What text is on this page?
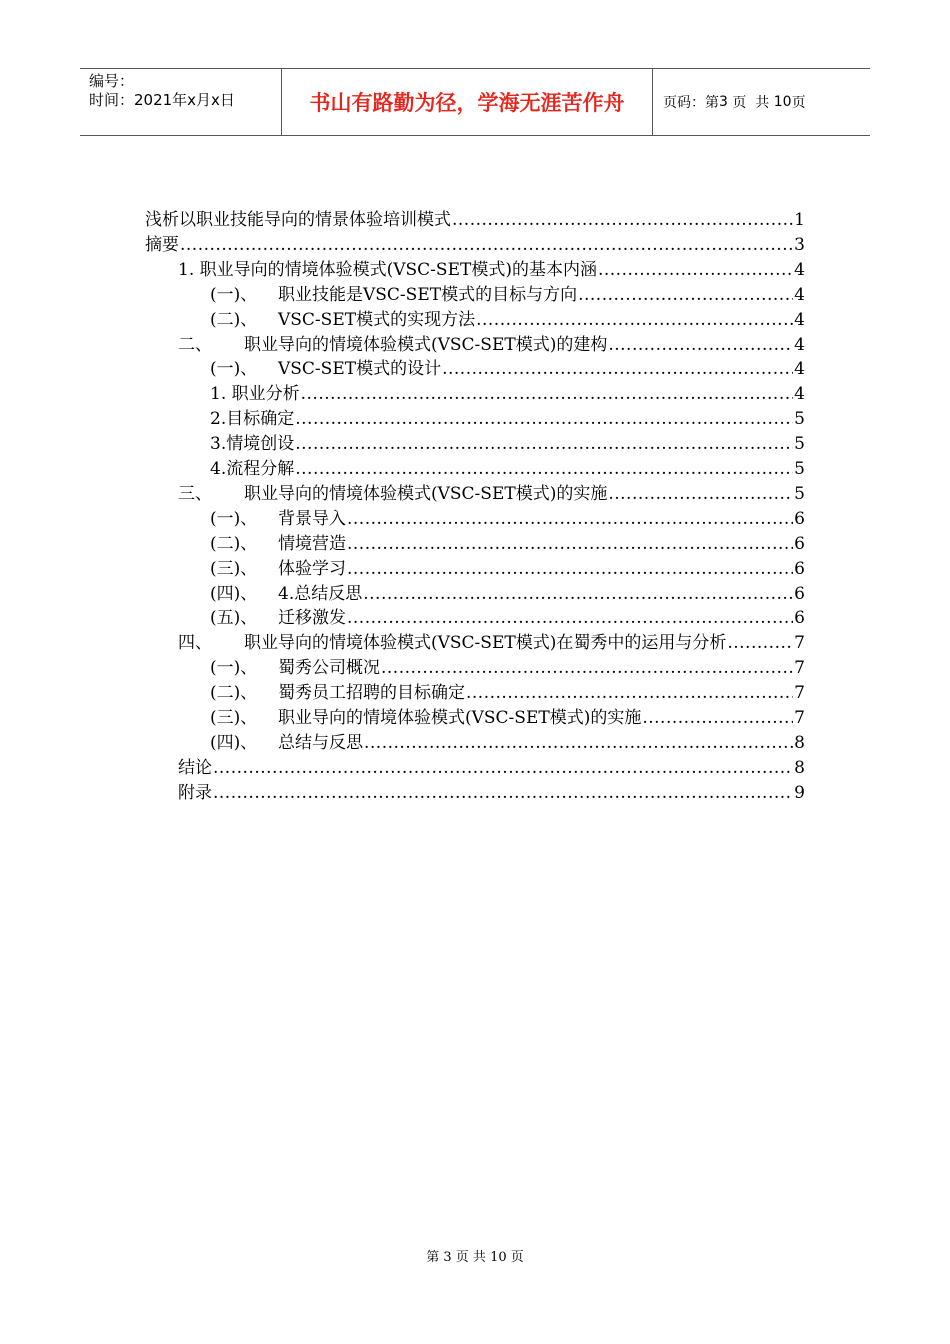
编号：
时间：2021年x月x日	书山有路勤为径，学海无涯苦作舟	页码：第 3
页  共
10 页
浅析以职业技能导向的情景体验培训模式 .....	1
摘要 .....	3
1. 职业导向的情境体验模式(VSC-SET模式)的基本内涵 .....	4
(一)、	职业技能是VSC-SET模式的目标与方向 .....	4
(二)、	VSC-SET模式的实现方法 .....	4
二、	职业导向的情境体验模式(VSC-SET模式)的建构 .....	4
(一)、	VSC-SET模式的设计 .....	4
1. 职业分析 .....	4
2.目标确定 .....	5
3.情境创设 .....	5
4.流程分解 .....	5
三、	职业导向的情境体验模式(VSC-SET模式)的实施 .....	5
(一)、	背景导入 .....	6
(二)、	情境营造 .....	6
(三)、	体验学习 .....	6
(四)、	4.总结反思 .....	6
(五)、	迁移激发 .....	6
四、	职业导向的情境体验模式(VSC-SET模式)在蜀秀中的运用与分析 .....	7
(一)、	蜀秀公司概况 .....	7
(二)、	蜀秀员工招聘的目标确定 .....	7
(三)、	职业导向的情境体验模式(VSC-SET模式)的实施 .....	7
(四)、	总结与反思 .....	8
结论 .....	8
附录 .....	9
第 3 页 共 10 页
